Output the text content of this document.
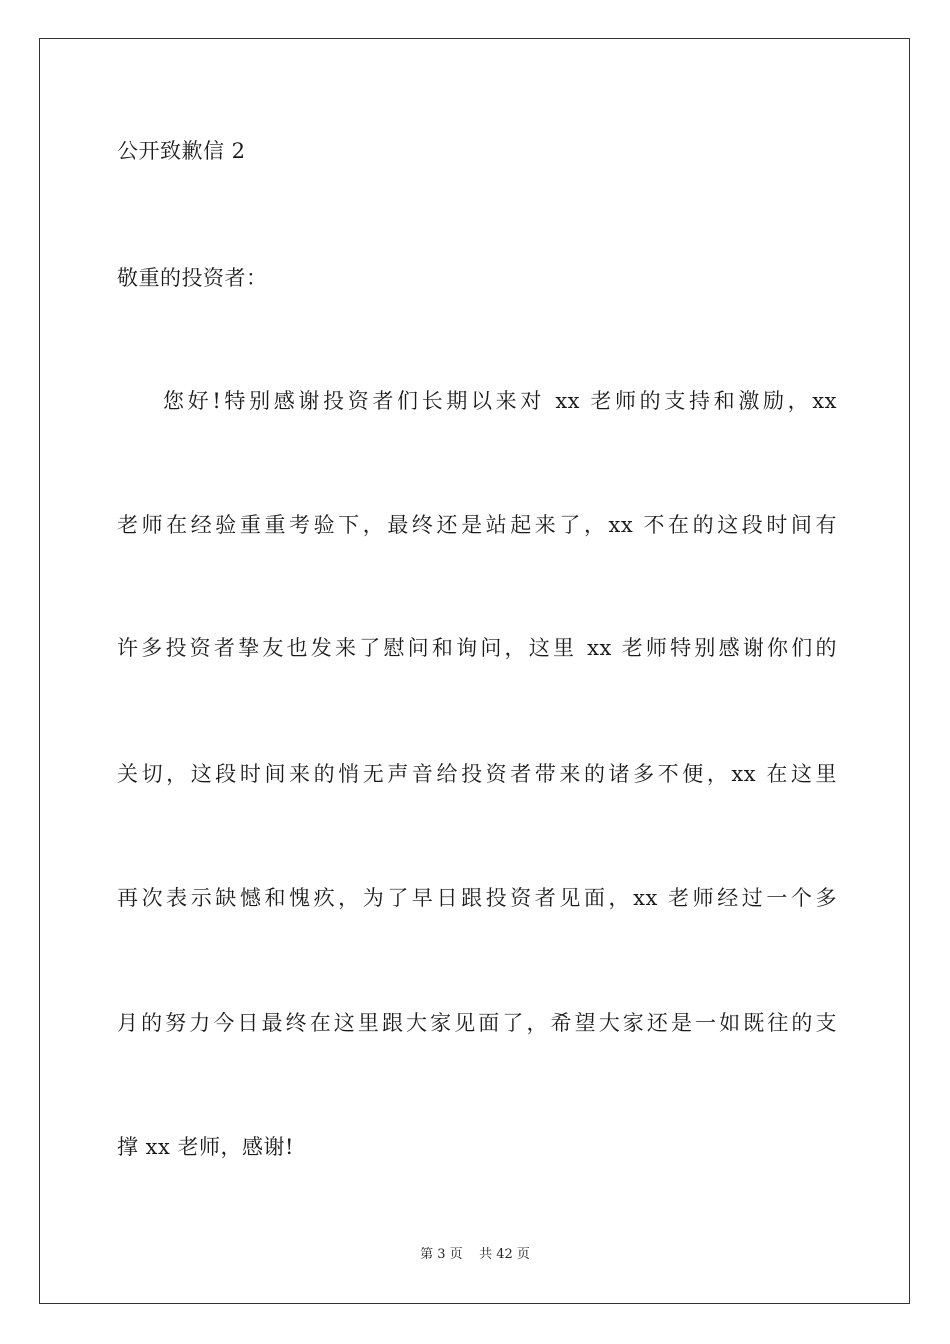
公开致歉信 2
敬重的投资者：
您好!特别感谢投资者们长期以来对 xx 老师的支持和激励，xx
老师在经验重重考验下，最终还是站起来了，xx 不在的这段时间有
许多投资者挚友也发来了慰问和询问，这里 xx 老师特别感谢你们的
关切，这段时间来的悄无声音给投资者带来的诸多不便，xx 在这里
再次表示缺憾和愧疚，为了早日跟投资者见面，xx 老师经过一个多
月的努力今日最终在这里跟大家见面了，希望大家还是一如既往的支
撑 xx 老师，感谢!
第 3 页    共 42 页
